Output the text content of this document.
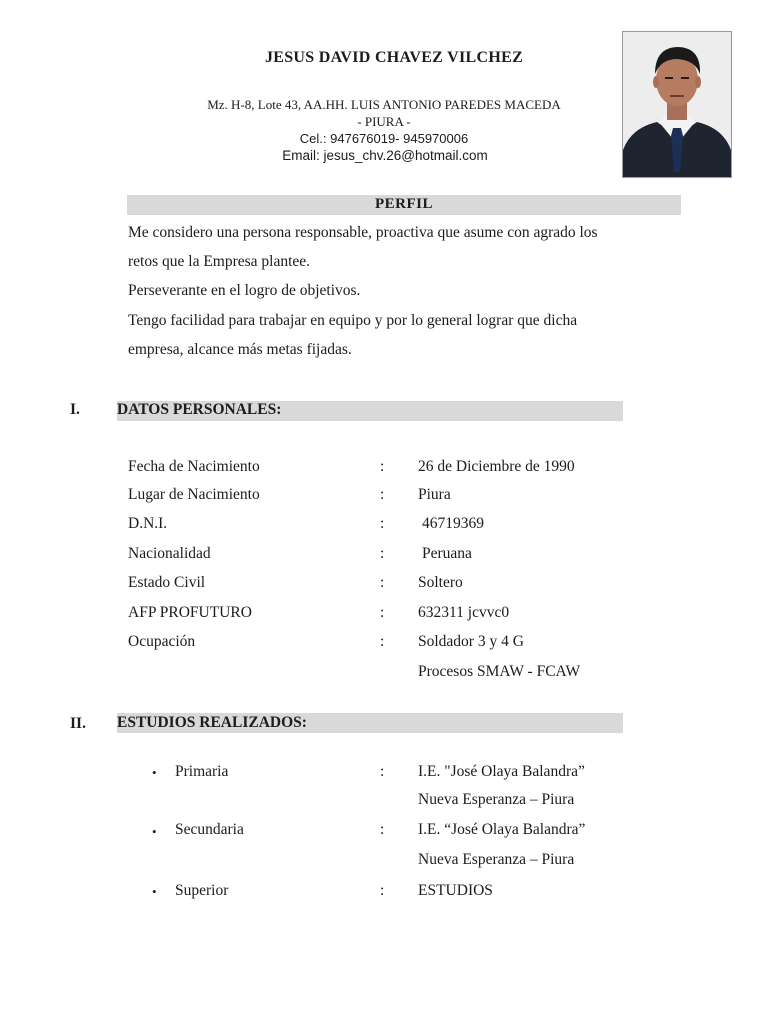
JESUS DAVID CHAVEZ VILCHEZ
Mz. H-8, Lote 43, AA.HH. LUIS ANTONIO PAREDES MACEDA
- PIURA -
Cel.: 947676019- 945970006
Email: jesus_chv.26@hotmail.com
PERFIL
Me considero una persona responsable, proactiva que asume con agrado los
retos que la Empresa plantee.
Perseverante en el logro de objetivos.
Tengo facilidad para trabajar en equipo y por lo general lograr que dicha
empresa, alcance más metas fijadas.
I. DATOS PERSONALES:
Fecha de Nacimiento	: 26 de Diciembre de 1990
Lugar de Nacimiento	: Piura
D.N.I.	: 46719369
Nacionalidad	: Peruana
Estado Civil	: Soltero
AFP PROFUTURO	: 632311 jcvvc0
Ocupación	: Soldador 3 y 4 G
Procesos SMAW - FCAW
II. ESTUDIOS REALIZADOS:
• Primaria	: I.E. "José Olaya Balandra”
Nueva Esperanza – Piura
• Secundaria	: I.E. “José Olaya Balandra”
Nueva Esperanza – Piura
• Superior	: ESTUDIOS
